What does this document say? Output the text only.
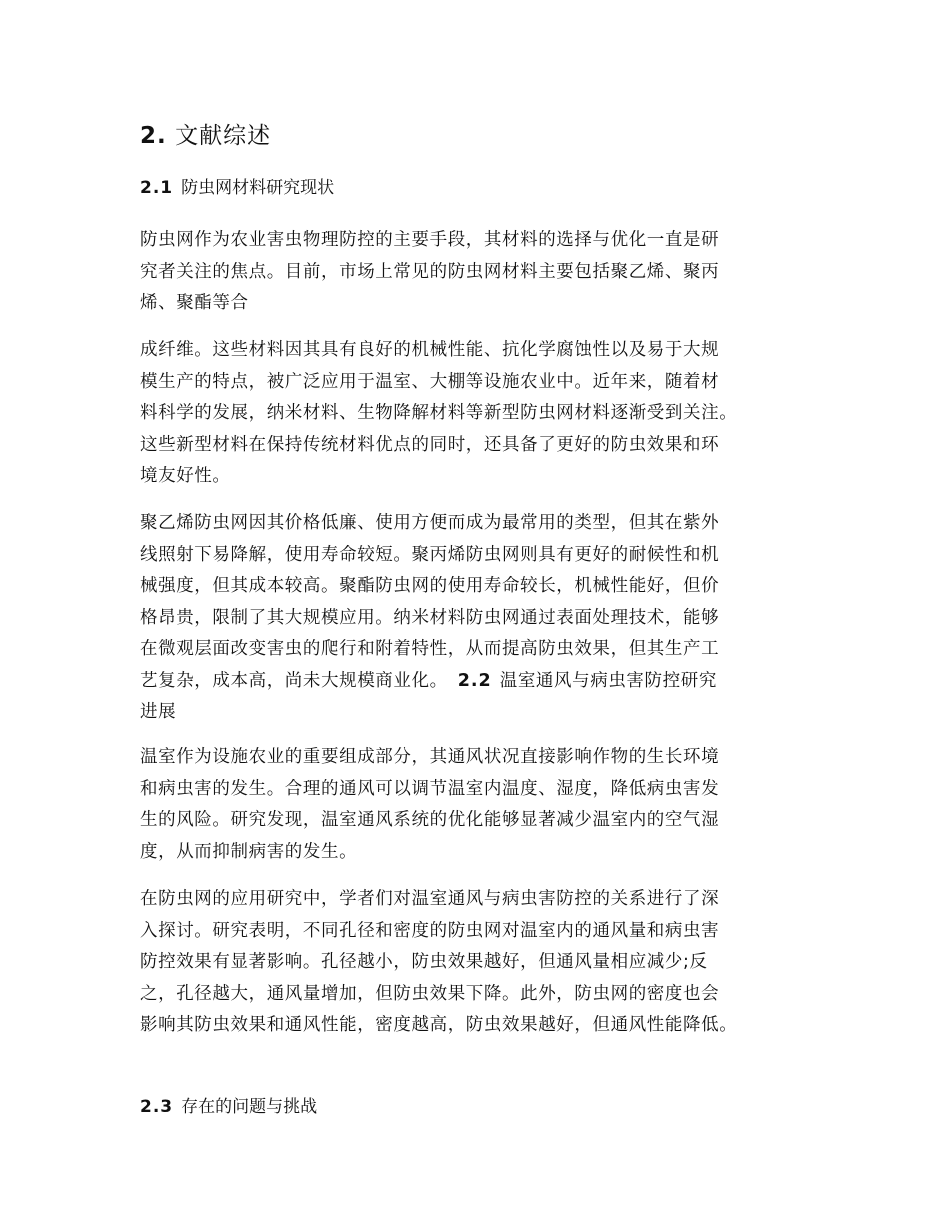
2. 文献综述
2.1 防虫网材料研究现状

防虫网作为农业害虫物理防控的主要手段，其材料的选择与优化一直是研
究者关注的焦点。目前，市场上常见的防虫网材料主要包括聚乙烯、聚丙
烯、聚酯等合

成纤维。这些材料因其具有良好的机械性能、抗化学腐蚀性以及易于大规
模生产的特点，被广泛应用于温室、大棚等设施农业中。近年来，随着材
料科学的发展，纳米材料、生物降解材料等新型防虫网材料逐渐受到关注。
这些新型材料在保持传统材料优点的同时，还具备了更好的防虫效果和环
境友好性。

聚乙烯防虫网因其价格低廉、使用方便而成为最常用的类型，但其在紫外
线照射下易降解，使用寿命较短。聚丙烯防虫网则具有更好的耐候性和机
械强度，但其成本较高。聚酯防虫网的使用寿命较长，机械性能好，但价
格昂贵，限制了其大规模应用。纳米材料防虫网通过表面处理技术，能够
在微观层面改变害虫的爬行和附着特性，从而提高防虫效果，但其生产工
艺复杂，成本高，尚未大规模商业化。 2.2 温室通风与病虫害防控研究
进展

温室作为设施农业的重要组成部分，其通风状况直接影响作物的生长环境
和病虫害的发生。合理的通风可以调节温室内温度、湿度，降低病虫害发
生的风险。研究发现，温室通风系统的优化能够显著减少温室内的空气湿
度，从而抑制病害的发生。

在防虫网的应用研究中，学者们对温室通风与病虫害防控的关系进行了深
入探讨。研究表明，不同孔径和密度的防虫网对温室内的通风量和病虫害
防控效果有显著影响。孔径越小，防虫效果越好，但通风量相应减少;反
之，孔径越大，通风量增加，但防虫效果下降。此外，防虫网的密度也会
影响其防虫效果和通风性能，密度越高，防虫效果越好，但通风性能降低。

2.3 存在的问题与挑战
